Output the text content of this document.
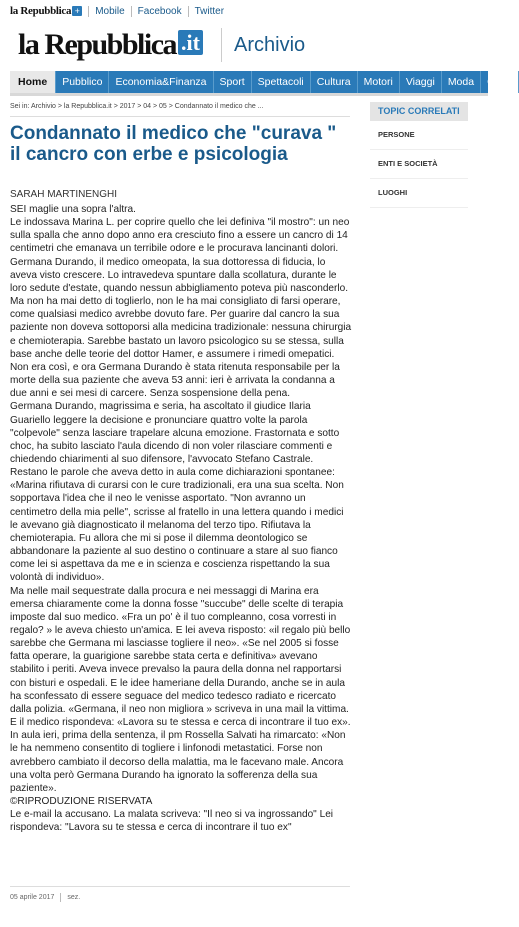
la Repubblica + Mobile Facebook Twitter
la Repubblica .it Archivio
Home	Pubblico	Economia&Finanza	Sport	Spettacoli	Cultura	Motori	Viaggi	Moda	Casa
Sei in: Archivio > la Repubblica.it > 2017 > 04 > 05 > Condannato il medico che ...
Condannato il medico che "curava " il cancro con erbe e psicologia
SARAH MARTINENGHI

SEI maglie una sopra l'altra.

Le indossava Marina L. per coprire quello che lei definiva "il mostro": un neo sulla spalla che anno dopo anno era cresciuto fino a essere un cancro di 14 centimetri che emanava un terribile odore e le procurava lancinanti dolori. Germana Durando, il medico omeopata, la sua dottoressa di fiducia, lo aveva visto crescere. Lo intravedeva spuntare dalla scollatura, durante le loro sedute d'estate, quando nessun abbigliamento poteva più nasconderlo. Ma non ha mai detto di toglierlo, non le ha mai consigliato di farsi operare, come qualsiasi medico avrebbe dovuto fare. Per guarire dal cancro la sua paziente non doveva sottoporsi alla medicina tradizionale: nessuna chirurgia e chemioterapia. Sarebbe bastato un lavoro psicologico su se stessa, sulla base anche delle teorie del dottor Hamer, e assumere i rimedi omepatici. Non era così, e ora Germana Durando è stata ritenuta responsabile per la morte della sua paziente che aveva 53 anni: ieri è arrivata la condanna a due anni e sei mesi di carcere. Senza sospensione della pena.

Germana Durando, magrissima e seria, ha ascoltato il giudice Ilaria Guariello leggere la decisione e pronunciare quattro volte la parola "colpevole" senza lasciare trapelare alcuna emozione. Frastornata e sotto choc, ha subito lasciato l'aula dicendo di non voler rilasciare commenti e chiedendo chiarimenti al suo difensore, l'avvocato Stefano Castrale.

Restano le parole che aveva detto in aula come dichiarazioni spontanee: «Marina rifiutava di curarsi con le cure tradizionali, era una sua scelta. Non sopportava l'idea che il neo le venisse asportato. "Non avranno un centimetro della mia pelle", scrisse al fratello in una lettera quando i medici le avevano già diagnosticato il melanoma del terzo tipo. Rifiutava la chemioterapia. Fu allora che mi si pose il dilemma deontologico se abbandonare la paziente al suo destino o continuare a stare al suo fianco come lei si aspettava da me e in scienza e coscienza rispettando la sua volontà di individuo».

Ma nelle mail sequestrate dalla procura e nei messaggi di Marina era emersa chiaramente come la donna fosse "succube" delle scelte di terapia imposte dal suo medico. «Fra un po' è il tuo compleanno, cosa vorresti in regalo? » le aveva chiesto un'amica. E lei aveva risposto: «il regalo più bello sarebbe che Germana mi lasciasse togliere il neo». «Se nel 2005 si fosse fatta operare, la guarigione sarebbe stata certa e definitiva» avevano stabilito i periti. Aveva invece prevalso la paura della donna nel rapportarsi con bisturi e ospedali. E le idee hameriane della Durando, anche se in aula ha sconfessato di essere seguace del medico tedesco radiato e ricercato dalla polizia. «Germana, il neo non migliora » scriveva in una mail la vittima. E il medico rispondeva: «Lavora su te stessa e cerca di incontrare il tuo ex». In aula ieri, prima della sentenza, il pm Rossella Salvati ha rimarcato: «Non le ha nemmeno consentito di togliere i linfonodi metastatici. Forse non avrebbero cambiato il decorso della malattia, ma le facevano male. Ancora una volta però Germana Durando ha ignorato la sofferenza della sua paziente».

©RIPRODUZIONE RISERVATA

Le e-mail la accusano. La malata scriveva: "Il neo si va ingrossando" Lei rispondeva: "Lavora su te stessa e cerca di incontrare il tuo ex"

05 aprile 2017 sez.
TOPIC CORRELATI
PERSONE
ENTI E SOCIETÀ
LUOGHI
